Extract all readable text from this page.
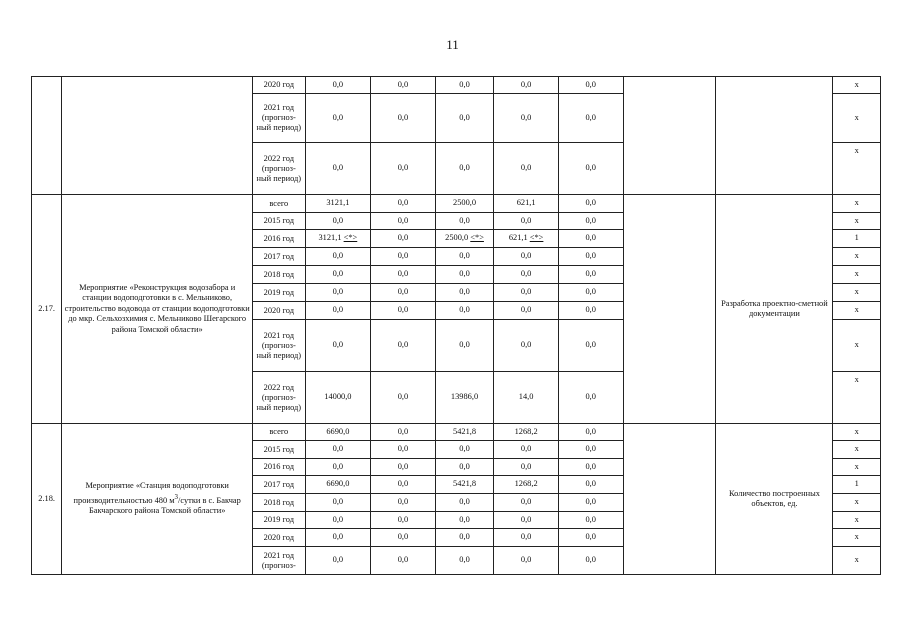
11
		2020 год	0,0	0,0	0,0	0,0	0,0			x
		2021 год (прогноз-ный период)	0,0	0,0	0,0	0,0	0,0			x
		2022 год (прогноз-ный период)	0,0	0,0	0,0	0,0	0,0			x
2.17.	Мероприятие «Реконструкция водозабора и станции водоподготовки в с. Мельниково, строительство водовода от станции водоподготовки до мкр. Сельхозхимия с. Мельниково Шегарского района Томской области»	всего	3121,1	0,0	2500,0	621,1	0,0		Разработка проектно-сметной документации	x
		2015 год	0,0	0,0	0,0	0,0	0,0			x
		2016 год	3121,1 <*>	0,0	2500,0 <*>	621,1 <*>	0,0			1
		2017 год	0,0	0,0	0,0	0,0	0,0			x
		2018 год	0,0	0,0	0,0	0,0	0,0			x
		2019 год	0,0	0,0	0,0	0,0	0,0			x
		2020 год	0,0	0,0	0,0	0,0	0,0			x
		2021 год (прогноз-ный период)	0,0	0,0	0,0	0,0	0,0			x
		2022 год (прогноз-ный период)	14000,0	0,0	13986,0	14,0	0,0			x
2.18.	Мероприятие «Станция водоподготовки производительностью 480 $м^3$/сутки в с. Бакчар Бакчарского района Томской области»	всего	6690,0	0,0	5421,8	1268,2	0,0		Количество построенных объектов, ед.	x
		2015 год	0,0	0,0	0,0	0,0	0,0			x
		2016 год	0,0	0,0	0,0	0,0	0,0			x
		2017 год	6690,0	0,0	5421,8	1268,2	0,0			1
		2018 год	0,0	0,0	0,0	0,0	0,0			x
		2019 год	0,0	0,0	0,0	0,0	0,0			x
		2020 год	0,0	0,0	0,0	0,0	0,0			x
		2021 год (прогноз-	0,0	0,0	0,0	0,0	0,0			x
